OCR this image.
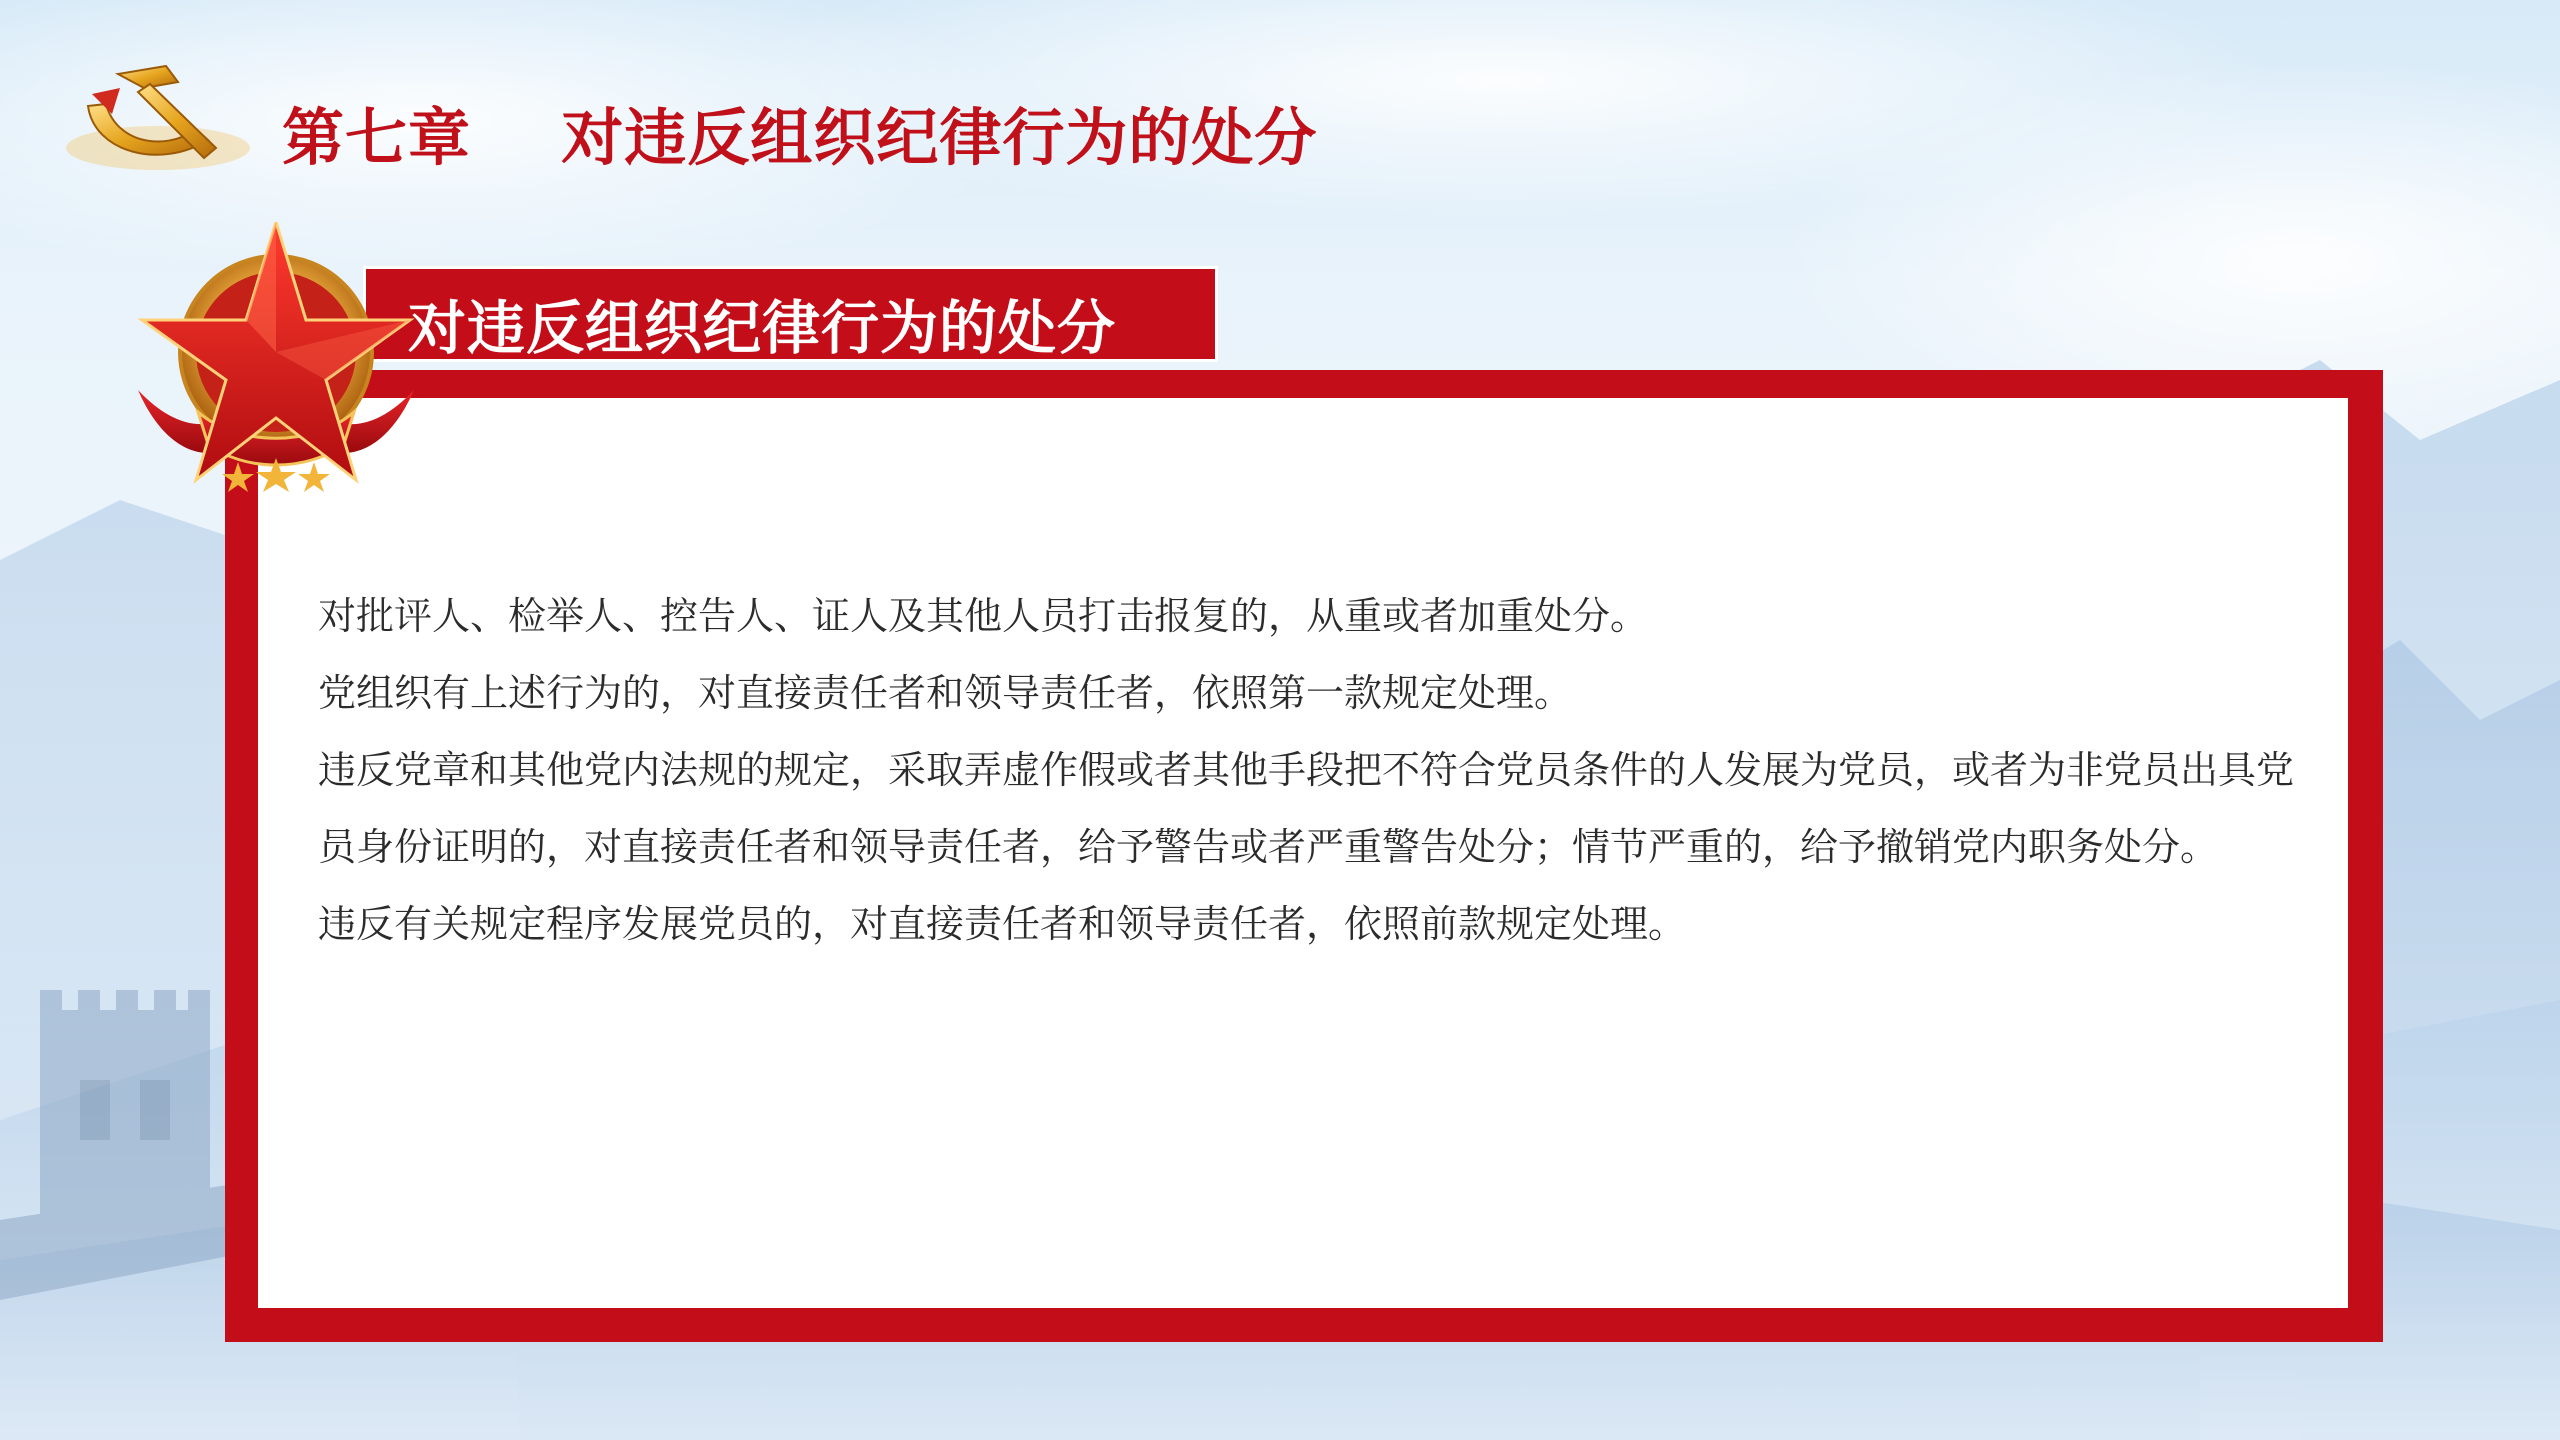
第七章    对违反组织纪律行为的处分
对违反组织纪律行为的处分

对批评人、检举人、控告人、证人及其他人员打击报复的，从重或者加重处分。

党组织有上述行为的，对直接责任者和领导责任者，依照第一款规定处理。

违反党章和其他党内法规的规定，采取弄虚作假或者其他手段把不符合党员条件的人发展为党员，或者为非党员出具党员身份证明的，对直接责任者和领导责任者，给予警告或者严重警告处分；情节严重的，给予撤销党内职务处分。

违反有关规定程序发展党员的，对直接责任者和领导责任者，依照前款规定处理。
